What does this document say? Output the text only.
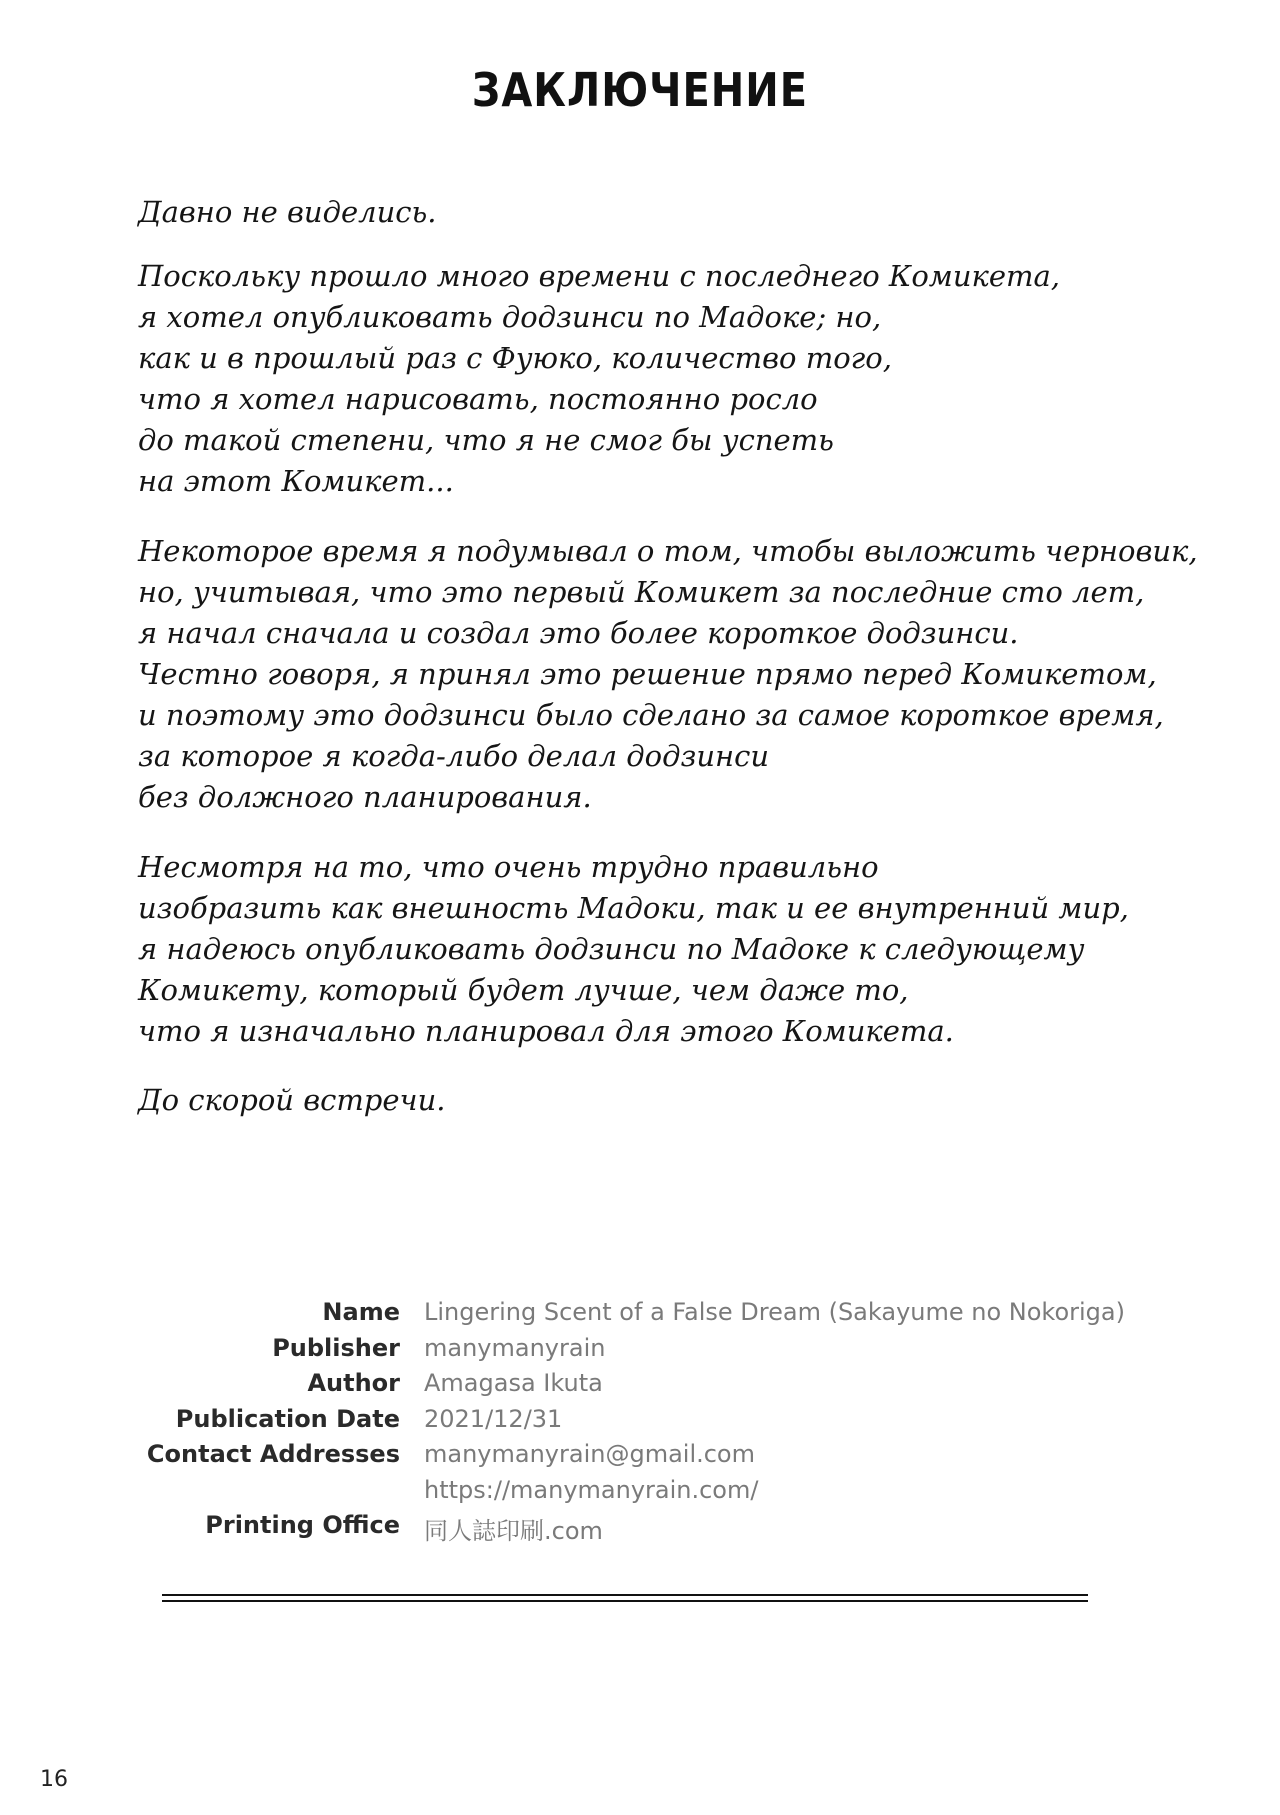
ЗАКЛЮЧЕНИЕ
Давно не виделись.
Поскольку прошло много времени с последнего Комикета,
я хотел опубликовать додзинси по Мадоке; но,
как и в прошлый раз с Фуюко, количество того,
что я хотел нарисовать, постоянно росло
до такой степени, что я не смог бы успеть
на этот Комикет...
Некоторое время я подумывал о том, чтобы выложить черновик,
но, учитывая, что это первый Комикет за последние сто лет,
я начал сначала и создал это более короткое додзинси.
Честно говоря, я принял это решение прямо перед Комикетом,
и поэтому это додзинси было сделано за самое короткое время,
за которое я когда-либо делал додзинси
без должного планирования.
Несмотря на то, что очень трудно правильно
изобразить как внешность Мадоки, так и ее внутренний мир,
я надеюсь опубликовать додзинси по Мадоке к следующему
Комикету, который будет лучше, чем даже то,
что я изначально планировал для этого Комикета.
До скорой встречи.
Name Lingering Scent of a False Dream (Sakayume no Nokoriga)
Publisher manymanyrain
Author Amagasa Ikuta
Publication Date 2021/12/31
Contact Addresses manymanyrain@gmail.com
https://manymanyrain.com/
Printing Office 同人誌印刷.com
16
